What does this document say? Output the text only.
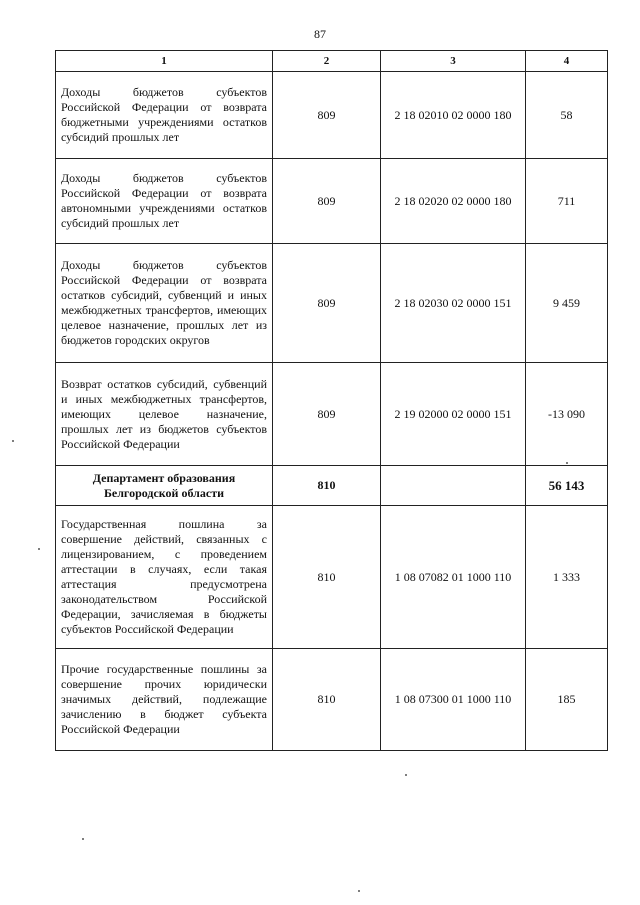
87
1	2	3	4
Доходы бюджетов субъектов Российской Федерации от возврата бюджетными учреждениями остатков субсидий прошлых лет	809	2 18 02010 02 0000 180	58
Доходы бюджетов субъектов Российской Федерации от возврата автономными учреждениями остатков субсидий прошлых лет	809	2 18 02020 02 0000 180	711
Доходы бюджетов субъектов Российской Федерации от возврата остатков субсидий, субвенций и иных межбюджетных трансфертов, имеющих целевое назначение, прошлых лет из бюджетов городских округов	809	2 18 02030 02 0000 151	9 459
Возврат остатков субсидий, субвенций и иных межбюджетных трансфертов, имеющих целевое назначение, прошлых лет из бюджетов субъектов Российской Федерации	809	2 19 02000 02 0000 151	-13 090
Департамент образования Белгородской области	810		56 143
Государственная пошлина за совершение действий, связанных с лицензированием, с проведением аттестации в случаях, если такая аттестация предусмотрена законодательством Российской Федерации, зачисляемая в бюджеты субъектов Российской Федерации	810	1 08 07082 01 1000 110	1 333
Прочие государственные пошлины за совершение прочих юридически значимых действий, подлежащие зачислению в бюджет субъекта Российской Федерации	810	1 08 07300 01 1000 110	185
